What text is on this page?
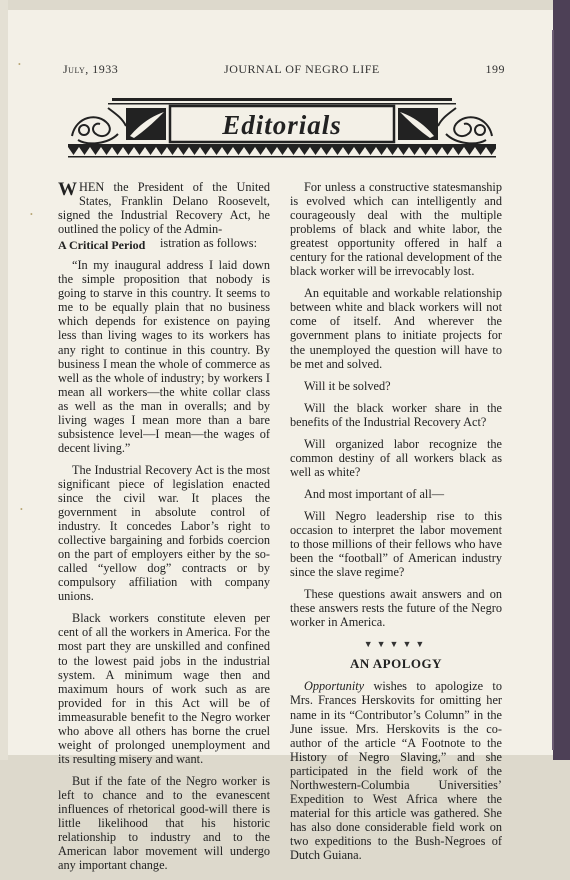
•
•
•
July, 1933	JOURNAL OF NEGRO LIFE	199
Editorials

WHEN the President of the United States, Franklin Delano Roosevelt, signed the Industrial Recovery Act, he outlined the policy of the Admin-

A Critical Period	istration as follows:

“In my inaugural address I laid down the simple proposition that nobody is going to starve in this country. It seems to me to be equally plain that no business which depends for existence on paying less than living wages to its workers has any right to continue in this country. By business I mean the whole of commerce as well as the whole of industry; by workers I mean all workers—the white collar class as well as the man in overalls; and by living wages I mean more than a bare subsistence level—I mean—the wages of decent living.”

The Industrial Recovery Act is the most significant piece of legislation enacted since the civil war. It places the government in absolute control of industry. It concedes Labor’s right to collective bargaining and forbids coercion on the part of employers either by the so-called “yellow dog” contracts or by compulsory affiliation with company unions.

Black workers constitute eleven per cent of all the workers in America. For the most part they are unskilled and confined to the lowest paid jobs in the industrial system. A minimum wage then and maximum hours of work such as are provided for in this Act will be of immeasurable benefit to the Negro worker who above all others has borne the cruel weight of prolonged unemployment and its resulting misery and want.

But if the fate of the Negro worker is left to chance and to the evanescent influences of rhetorical good-will there is little likelihood that his historic relationship to industry and to the American labor movement will undergo any important change.

For unless a constructive statesmanship is evolved which can intelligently and courageously deal with the multiple problems of black and white labor, the greatest opportunity offered in half a century for the rational development of the black worker will be irrevocably lost.

An equitable and workable relationship between white and black workers will not come of itself. And wherever the government plans to initiate projects for the unemployed the question will have to be met and solved.

Will it be solved?

Will the black worker share in the benefits of the Industrial Recovery Act?

Will organized labor recognize the common destiny of all workers black as well as white?

And most important of all—

Will Negro leadership rise to this occasion to interpret the labor movement to those millions of their fellows who have been the “football” of American industry since the slave regime?

These questions await answers and on these answers rests the future of the Negro worker in America.

▼▼▼▼▼
AN APOLOGY

Opportunity wishes to apologize to Mrs. Frances Herskovits for omitting her name in its “Contributor’s Column” in the June issue. Mrs. Herskovits is the co-author of the article “A Footnote to the History of Negro Slaving,” and she participated in the field work of the Northwestern-Columbia Universities’ Expedition to West Africa where the material for this article was gathered. She has also done considerable field work on two expeditions to the Bush-Negroes of Dutch Guiana.
